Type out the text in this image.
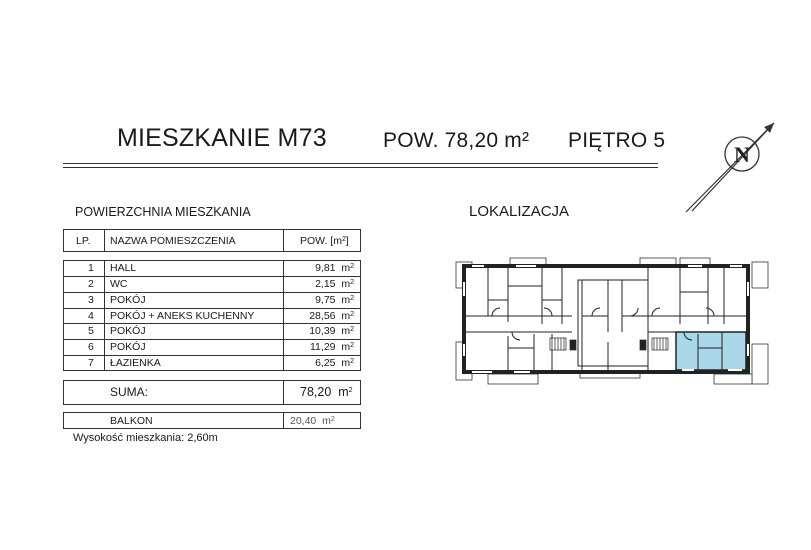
MIESZKANIE M73	POW. 78,20 m² PIĘTRO 5
N
POWIERZCHNIA MIESZKANIA
LP. NAZWA POMIESZCZENIA	POW. $[m^2]$
1 HALL	9,81 $m^2$
2 WC	2,15 $m^2$
3 POKÓJ	9,75 $m^2$
4 POKÓJ + ANEKS KUCHENNY	28,56 $m^2$
5 POKÓJ	10,39 $m^2$
6 POKÓJ	11,29 $m^2$
7 ŁAZIENKA	6,25 $m^2$
SUMA:	78,20 $m^2$
BALKON	20,40 $m^2$
Wysokość mieszkania: 2,60m
LOKALIZACJA
